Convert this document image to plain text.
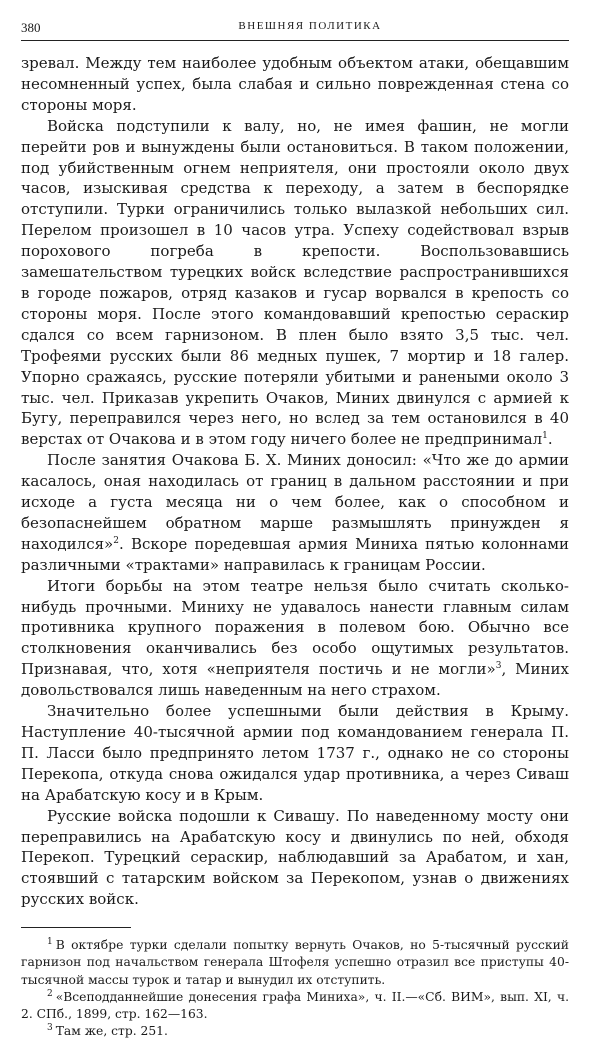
380	ВНЕШНЯЯ ПОЛИТИКА

зревал. Между тем наиболее удобным объектом атаки, обещавшим несомненный успех, была слабая и сильно поврежденная стена со стороны моря.

Войска подступили к валу, но, не имея фашин, не могли перейти ров и вынуждены были остановиться. В таком положении, под убийственным огнем неприятеля, они простояли около двух часов, изыскивая средства к переходу, а затем в беспорядке отступили. Турки ограничились только вылазкой небольших сил. Перелом произошел в 10 часов утра. Успеху содействовал взрыв порохового погреба в крепости. Воспользовавшись замешательством турецких войск вследствие распространившихся в городе пожаров, отряд казаков и гусар ворвался в крепость со стороны моря. После этого командовавший крепостью сераскир сдался со всем гарнизоном. В плен было взято 3,5 тыс. чел. Трофеями русских были 86 медных пушек, 7 мортир и 18 галер. Упорно сражаясь, русские потеряли убитыми и ранеными около 3 тыс. чел. Приказав укрепить Очаков, Миних двинулся с армией к Бугу, переправился через него, но вслед за тем остановился в 40 верстах от Очакова и в этом году ничего более не предпринимал$^1$.

После занятия Очакова Б. Х. Миних доносил: «Что же до армии касалось, оная находилась от границ в дальном расстоянии и при исходе а густа месяца ни о чем более, как о способном и безопаснейшем обратном марше размышлять принужден я находился»$^2$. Вскоре поредевшая армия Миниха пятью колоннами различными «трактами» направилась к границам России.

Итоги борьбы на этом театре нельзя было считать сколько-нибудь прочными. Миниху не удавалось нанести главным силам противника крупного поражения в полевом бою. Обычно все столкновения оканчивались без особо ощутимых результатов. Признавая, что, хотя «неприятеля постичь и не могли»$^3$, Миних довольствовался лишь наведенным на него страхом.

Значительно более успешными были действия в Крыму. Наступление 40-тысячной армии под командованием генерала П. П. Ласси было предпринято летом 1737 г., однако не со стороны Перекопа, откуда снова ожидался удар противника, а через Сиваш на Арабатскую косу и в Крым.

Русские войска подошли к Сивашу. По наведенному мосту они переправились на Арабатскую косу и двинулись по ней, обходя Перекоп. Турецкий сераскир, наблюдавший за Арабатом, и хан, стоявший с татарским войском за Перекопом, узнав о движениях русских войск.

$^1$ В октябре турки сделали попытку вернуть Очаков, но 5-тысячный русский гарнизон под начальством генерала Штофеля успешно отразил все приступы 40-тысячной массы турок и татар и вынудил их отступить.

$^2$ «Всеподданнейшие донесения графа Миниха», ч. II.—«Сб. ВИМ», вып. XI, ч. 2. СПб., 1899, стр. 162—163.

$^3$ Там же, стр. 251.
